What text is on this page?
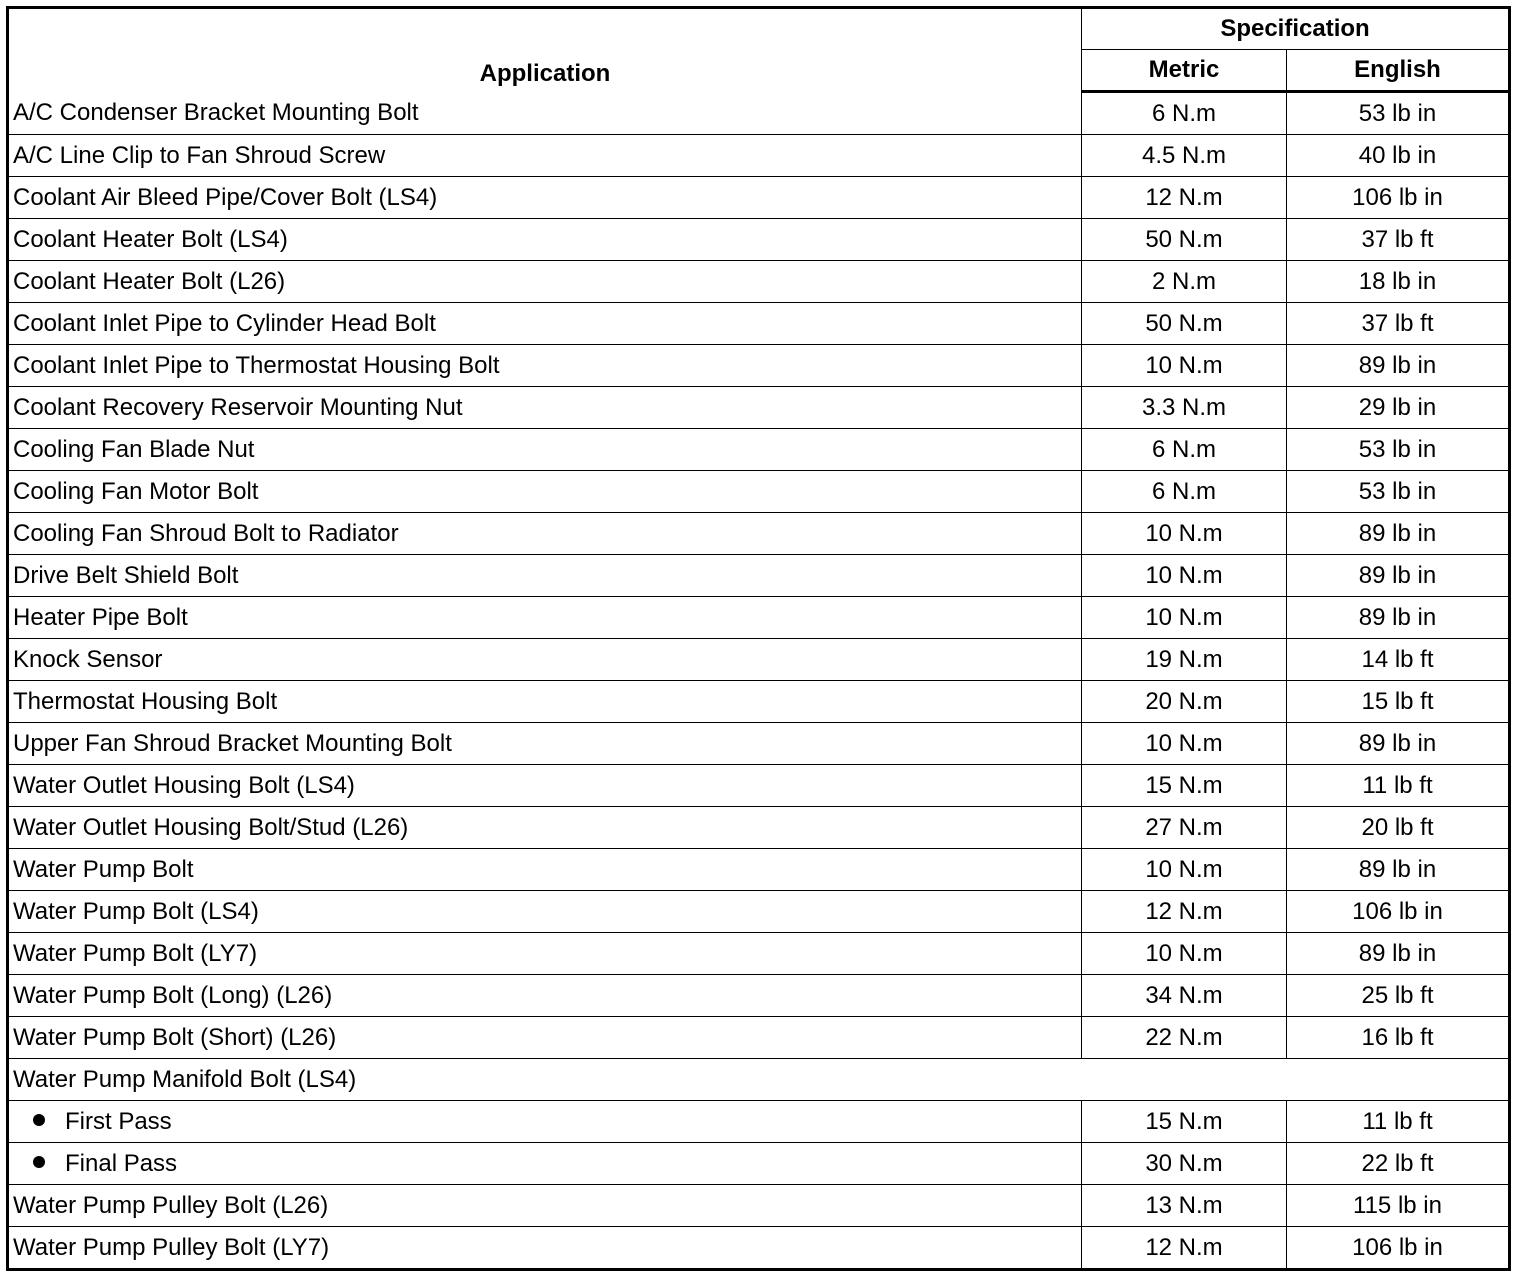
Application	Specification	
	Metric	English
A/C Condenser Bracket Mounting Bolt	6 N.m	53 lb in
A/C Line Clip to Fan Shroud Screw	4.5 N.m	40 lb in
Coolant Air Bleed Pipe/Cover Bolt (LS4)	12 N.m	106 lb in
Coolant Heater Bolt (LS4)	50 N.m	37 lb ft
Coolant Heater Bolt (L26)	2 N.m	18 lb in
Coolant Inlet Pipe to Cylinder Head Bolt	50 N.m	37 lb ft
Coolant Inlet Pipe to Thermostat Housing Bolt	10 N.m	89 lb in
Coolant Recovery Reservoir Mounting Nut	3.3 N.m	29 lb in
Cooling Fan Blade Nut	6 N.m	53 lb in
Cooling Fan Motor Bolt	6 N.m	53 lb in
Cooling Fan Shroud Bolt to Radiator	10 N.m	89 lb in
Drive Belt Shield Bolt	10 N.m	89 lb in
Heater Pipe Bolt	10 N.m	89 lb in
Knock Sensor	19 N.m	14 lb ft
Thermostat Housing Bolt	20 N.m	15 lb ft
Upper Fan Shroud Bracket Mounting Bolt	10 N.m	89 lb in
Water Outlet Housing Bolt (LS4)	15 N.m	11 lb ft
Water Outlet Housing Bolt/Stud (L26)	27 N.m	20 lb ft
Water Pump Bolt	10 N.m	89 lb in
Water Pump Bolt (LS4)	12 N.m	106 lb in
Water Pump Bolt (LY7)	10 N.m	89 lb in
Water Pump Bolt (Long) (L26)	34 N.m	25 lb ft
Water Pump Bolt (Short) (L26)	22 N.m	16 lb ft
Water Pump Manifold Bolt (LS4)		
First Pass	15 N.m	11 lb ft
Final Pass	30 N.m	22 lb ft
Water Pump Pulley Bolt (L26)	13 N.m	115 lb in
Water Pump Pulley Bolt (LY7)	12 N.m	106 lb in
